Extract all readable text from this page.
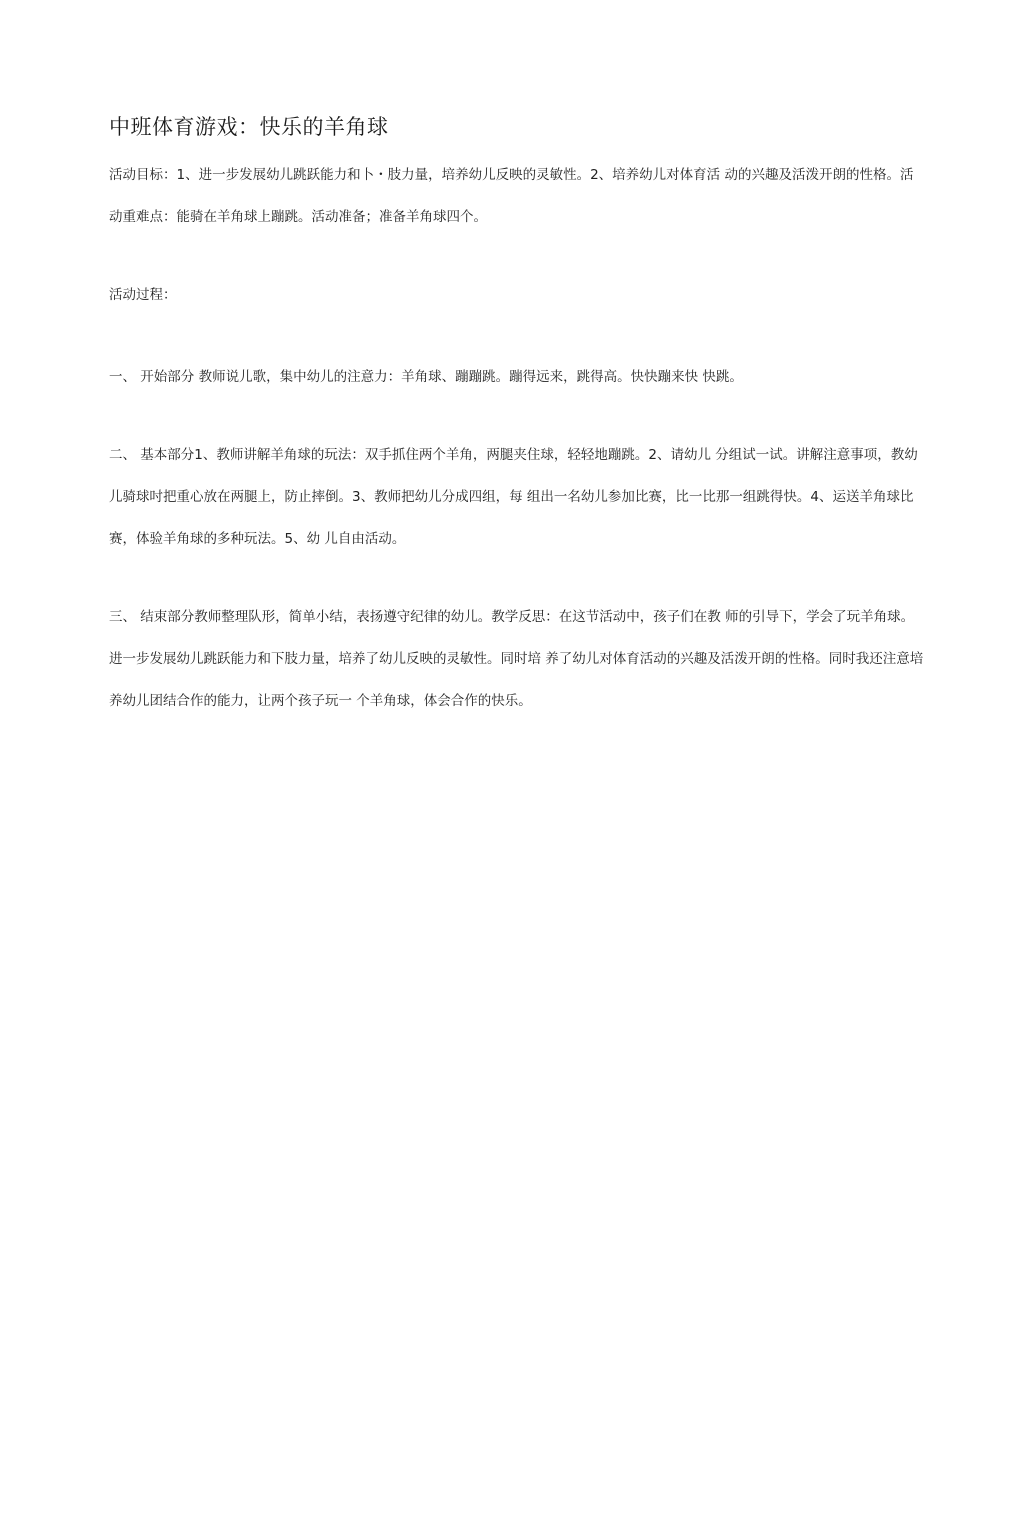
中班体育游戏：快乐的羊角球

活动目标：1、进一步发展幼儿跳跃能力和卜・肢力量，培养幼儿反映的灵敏性。2、培养幼儿对体育活 动的兴趣及活泼开朗的性格。活动重难点：能骑在羊角球上蹦跳。活动准备；准备羊角球四个。

活动过程：

一、 开始部分 教师说儿歌，集中幼儿的注意力：羊角球、蹦蹦跳。蹦得远来，跳得高。快快蹦来快 快跳。

二、 基本部分1、教师讲解羊角球的玩法：双手抓住两个羊角，两腿夹住球，轻轻地蹦跳。2、请幼儿 分组试一试。讲解注意事项，教幼儿骑球吋把重心放在两腿上，防止摔倒。3、教师把幼儿分成四组，每 组出一名幼儿参加比赛，比一比那一组跳得快。4、运送羊角球比赛，体验羊角球的多种玩法。5、幼 儿自由活动。

三、 结束部分教师整理队形，简单小结，表扬遵守纪律的幼儿。教学反思：在这节活动中，孩子们在教 师的引导下，学会了玩羊角球。进一步发展幼儿跳跃能力和下肢力量，培养了幼儿反映的灵敏性。同时培 养了幼儿对体育活动的兴趣及活泼开朗的性格。同时我还注意培养幼儿团结合作的能力，让两个孩子玩一 个羊角球，体会合作的快乐。
